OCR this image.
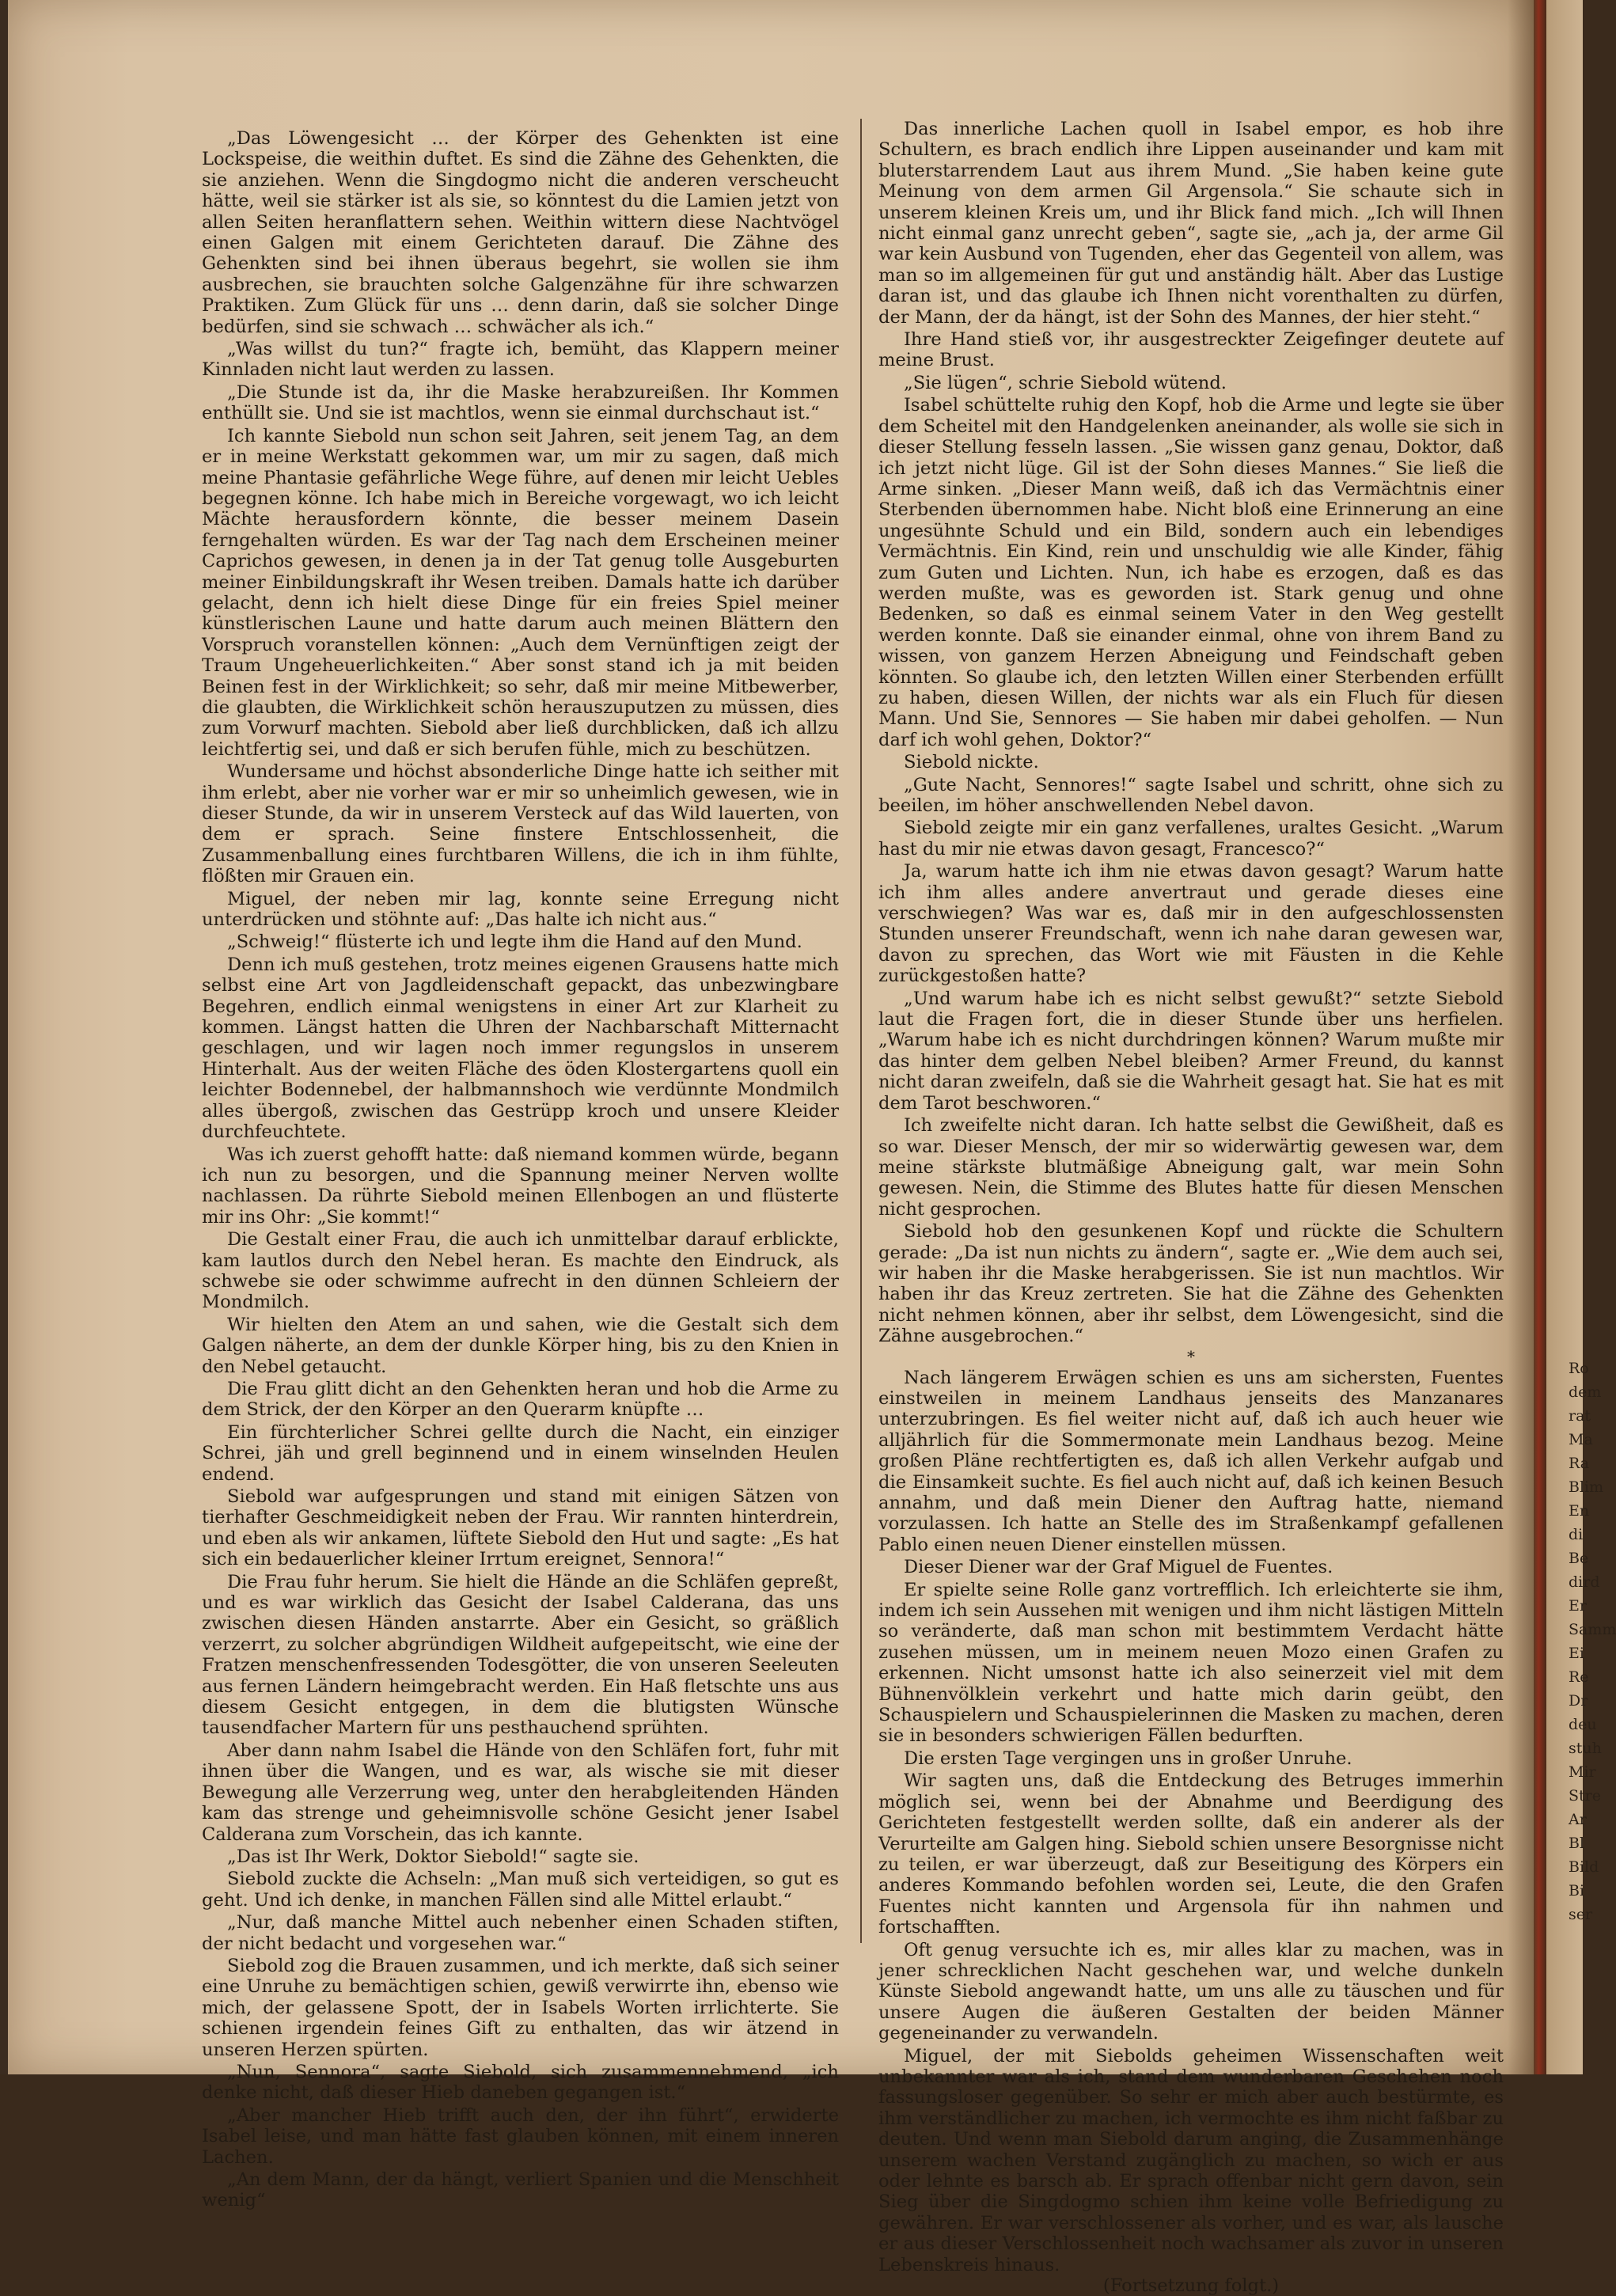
„Das Löwengesicht … der Körper des Gehenkten ist eine Lockspeise, die weithin duftet. Es sind die Zähne des Gehenkten, die sie anziehen. Wenn die Singdogmo nicht die anderen verscheucht hätte, weil sie stärker ist als sie, so könntest du die Lamien jetzt von allen Seiten heranflattern sehen. Weithin wittern diese Nachtvögel einen Galgen mit einem Gerichteten darauf. Die Zähne des Gehenkten sind bei ihnen überaus begehrt, sie wollen sie ihm ausbrechen, sie brauchten solche Galgenzähne für ihre schwarzen Praktiken. Zum Glück für uns … denn darin, daß sie solcher Dinge bedürfen, sind sie schwach … schwächer als ich.“

„Was willst du tun?“ fragte ich, bemüht, das Klappern meiner Kinnladen nicht laut werden zu lassen.

„Die Stunde ist da, ihr die Maske herabzureißen. Ihr Kommen enthüllt sie. Und sie ist machtlos, wenn sie einmal durchschaut ist.“

Ich kannte Siebold nun schon seit Jahren, seit jenem Tag, an dem er in meine Werkstatt gekommen war, um mir zu sagen, daß mich meine Phantasie gefährliche Wege führe, auf denen mir leicht Uebles begegnen könne. Ich habe mich in Bereiche vorgewagt, wo ich leicht Mächte herausfordern könnte, die besser meinem Dasein ferngehalten würden. Es war der Tag nach dem Erscheinen meiner Caprichos gewesen, in denen ja in der Tat genug tolle Ausgeburten meiner Einbildungskraft ihr Wesen treiben. Damals hatte ich darüber gelacht, denn ich hielt diese Dinge für ein freies Spiel meiner künstlerischen Laune und hatte darum auch meinen Blättern den Vorspruch voranstellen können: „Auch dem Vernünftigen zeigt der Traum Ungeheuerlichkeiten.“ Aber sonst stand ich ja mit beiden Beinen fest in der Wirklichkeit; so sehr, daß mir meine Mitbewerber, die glaubten, die Wirklichkeit schön herauszuputzen zu müssen, dies zum Vorwurf machten. Siebold aber ließ durchblicken, daß ich allzu leichtfertig sei, und daß er sich berufen fühle, mich zu beschützen.

Wundersame und höchst absonderliche Dinge hatte ich seither mit ihm erlebt, aber nie vorher war er mir so unheimlich gewesen, wie in dieser Stunde, da wir in unserem Versteck auf das Wild lauerten, von dem er sprach. Seine finstere Entschlossenheit, die Zusammenballung eines furchtbaren Willens, die ich in ihm fühlte, flößten mir Grauen ein.

Miguel, der neben mir lag, konnte seine Erregung nicht unterdrücken und stöhnte auf: „Das halte ich nicht aus.“

„Schweig!“ flüsterte ich und legte ihm die Hand auf den Mund.

Denn ich muß gestehen, trotz meines eigenen Grausens hatte mich selbst eine Art von Jagdleidenschaft gepackt, das unbezwingbare Begehren, endlich einmal wenigstens in einer Art zur Klarheit zu kommen. Längst hatten die Uhren der Nachbarschaft Mitternacht geschlagen, und wir lagen noch immer regungslos in unserem Hinterhalt. Aus der weiten Fläche des öden Klostergartens quoll ein leichter Bodennebel, der halbmannshoch wie verdünnte Mondmilch alles übergoß, zwischen das Gestrüpp kroch und unsere Kleider durchfeuchtete.

Was ich zuerst gehofft hatte: daß niemand kommen würde, begann ich nun zu besorgen, und die Spannung meiner Nerven wollte nachlassen. Da rührte Siebold meinen Ellenbogen an und flüsterte mir ins Ohr: „Sie kommt!“

Die Gestalt einer Frau, die auch ich unmittelbar darauf erblickte, kam lautlos durch den Nebel heran. Es machte den Eindruck, als schwebe sie oder schwimme aufrecht in den dünnen Schleiern der Mondmilch.

Wir hielten den Atem an und sahen, wie die Gestalt sich dem Galgen näherte, an dem der dunkle Körper hing, bis zu den Knien in den Nebel getaucht.

Die Frau glitt dicht an den Gehenkten heran und hob die Arme zu dem Strick, der den Körper an den Querarm knüpfte …

Ein fürchterlicher Schrei gellte durch die Nacht, ein einziger Schrei, jäh und grell beginnend und in einem winselnden Heulen endend.

Siebold war aufgesprungen und stand mit einigen Sätzen von tierhafter Geschmeidigkeit neben der Frau. Wir rannten hinterdrein, und eben als wir ankamen, lüftete Siebold den Hut und sagte: „Es hat sich ein bedauerlicher kleiner Irrtum ereignet, Sennora!“

Die Frau fuhr herum. Sie hielt die Hände an die Schläfen gepreßt, und es war wirklich das Gesicht der Isabel Calderana, das uns zwischen diesen Händen anstarrte. Aber ein Gesicht, so gräßlich verzerrt, zu solcher abgründigen Wildheit aufgepeitscht, wie eine der Fratzen menschenfressenden Todesgötter, die von unseren Seeleuten aus fernen Ländern heimgebracht werden. Ein Haß fletschte uns aus diesem Gesicht entgegen, in dem die blutigsten Wünsche tausendfacher Martern für uns pesthauchend sprühten.

Aber dann nahm Isabel die Hände von den Schläfen fort, fuhr mit ihnen über die Wangen, und es war, als wische sie mit dieser Bewegung alle Verzerrung weg, unter den herabgleitenden Händen kam das strenge und geheimnisvolle schöne Gesicht jener Isabel Calderana zum Vorschein, das ich kannte.

„Das ist Ihr Werk, Doktor Siebold!“ sagte sie.

Siebold zuckte die Achseln: „Man muß sich verteidigen, so gut es geht. Und ich denke, in manchen Fällen sind alle Mittel erlaubt.“

„Nur, daß manche Mittel auch nebenher einen Schaden stiften, der nicht bedacht und vorgesehen war.“

Siebold zog die Brauen zusammen, und ich merkte, daß sich seiner eine Unruhe zu bemächtigen schien, gewiß verwirrte ihn, ebenso wie mich, der gelassene Spott, der in Isabels Worten irrlichterte. Sie schienen irgendein feines Gift zu enthalten, das wir ätzend in unseren Herzen spürten.

„Nun, Sennora“, sagte Siebold, sich zusammennehmend, „ich denke nicht, daß dieser Hieb daneben gegangen ist.“

„Aber mancher Hieb trifft auch den, der ihn führt“, erwiderte Isabel leise, und man hätte fast glauben können, mit einem inneren Lachen.

„An dem Mann, der da hängt, verliert Spanien und die Menschheit wenig“

Das innerliche Lachen quoll in Isabel empor, es hob ihre Schultern, es brach endlich ihre Lippen auseinander und kam mit bluterstarrendem Laut aus ihrem Mund. „Sie haben keine gute Meinung von dem armen Gil Argensola.“ Sie schaute sich in unserem kleinen Kreis um, und ihr Blick fand mich. „Ich will Ihnen nicht einmal ganz unrecht geben“, sagte sie, „ach ja, der arme Gil war kein Ausbund von Tugenden, eher das Gegenteil von allem, was man so im allgemeinen für gut und anständig hält. Aber das Lustige daran ist, und das glaube ich Ihnen nicht vorenthalten zu dürfen, der Mann, der da hängt, ist der Sohn des Mannes, der hier steht.“

Ihre Hand stieß vor, ihr ausgestreckter Zeigefinger deutete auf meine Brust.

„Sie lügen“, schrie Siebold wütend.

Isabel schüttelte ruhig den Kopf, hob die Arme und legte sie über dem Scheitel mit den Handgelenken aneinander, als wolle sie sich in dieser Stellung fesseln lassen. „Sie wissen ganz genau, Doktor, daß ich jetzt nicht lüge. Gil ist der Sohn dieses Mannes.“ Sie ließ die Arme sinken. „Dieser Mann weiß, daß ich das Vermächtnis einer Sterbenden übernommen habe. Nicht bloß eine Erinnerung an eine ungesühnte Schuld und ein Bild, sondern auch ein lebendiges Vermächtnis. Ein Kind, rein und unschuldig wie alle Kinder, fähig zum Guten und Lichten. Nun, ich habe es erzogen, daß es das werden mußte, was es geworden ist. Stark genug und ohne Bedenken, so daß es einmal seinem Vater in den Weg gestellt werden konnte. Daß sie einander einmal, ohne von ihrem Band zu wissen, von ganzem Herzen Abneigung und Feindschaft geben könnten. So glaube ich, den letzten Willen einer Sterbenden erfüllt zu haben, diesen Willen, der nichts war als ein Fluch für diesen Mann. Und Sie, Sennores — Sie haben mir dabei geholfen. — Nun darf ich wohl gehen, Doktor?“

Siebold nickte.

„Gute Nacht, Sennores!“ sagte Isabel und schritt, ohne sich zu beeilen, im höher anschwellenden Nebel davon.

Siebold zeigte mir ein ganz verfallenes, uraltes Gesicht. „Warum hast du mir nie etwas davon gesagt, Francesco?“

Ja, warum hatte ich ihm nie etwas davon gesagt? Warum hatte ich ihm alles andere anvertraut und gerade dieses eine verschwiegen? Was war es, daß mir in den aufgeschlossensten Stunden unserer Freundschaft, wenn ich nahe daran gewesen war, davon zu sprechen, das Wort wie mit Fäusten in die Kehle zurückgestoßen hatte?

„Und warum habe ich es nicht selbst gewußt?“ setzte Siebold laut die Fragen fort, die in dieser Stunde über uns herfielen. „Warum habe ich es nicht durchdringen können? Warum mußte mir das hinter dem gelben Nebel bleiben? Armer Freund, du kannst nicht daran zweifeln, daß sie die Wahrheit gesagt hat. Sie hat es mit dem Tarot beschworen.“

Ich zweifelte nicht daran. Ich hatte selbst die Gewißheit, daß es so war. Dieser Mensch, der mir so widerwärtig gewesen war, dem meine stärkste blutmäßige Abneigung galt, war mein Sohn gewesen. Nein, die Stimme des Blutes hatte für diesen Menschen nicht gesprochen.

Siebold hob den gesunkenen Kopf und rückte die Schultern gerade: „Da ist nun nichts zu ändern“, sagte er. „Wie dem auch sei, wir haben ihr die Maske herabgerissen. Sie ist nun machtlos. Wir haben ihr das Kreuz zertreten. Sie hat die Zähne des Gehenkten nicht nehmen können, aber ihr selbst, dem Löwengesicht, sind die Zähne ausgebrochen.“

*

Nach längerem Erwägen schien es uns am sichersten, Fuentes einstweilen in meinem Landhaus jenseits des Manzanares unterzubringen. Es fiel weiter nicht auf, daß ich auch heuer wie alljährlich für die Sommermonate mein Landhaus bezog. Meine großen Pläne rechtfertigten es, daß ich allen Verkehr aufgab und die Einsamkeit suchte. Es fiel auch nicht auf, daß ich keinen Besuch annahm, und daß mein Diener den Auftrag hatte, niemand vorzulassen. Ich hatte an Stelle des im Straßenkampf gefallenen Pablo einen neuen Diener einstellen müssen.

Dieser Diener war der Graf Miguel de Fuentes.

Er spielte seine Rolle ganz vortrefflich. Ich erleichterte sie ihm, indem ich sein Aussehen mit wenigen und ihm nicht lästigen Mitteln so veränderte, daß man schon mit bestimmtem Verdacht hätte zusehen müssen, um in meinem neuen Mozo einen Grafen zu erkennen. Nicht umsonst hatte ich also seinerzeit viel mit dem Bühnenvölklein verkehrt und hatte mich darin geübt, den Schauspielern und Schauspielerinnen die Masken zu machen, deren sie in besonders schwierigen Fällen bedurften.

Die ersten Tage vergingen uns in großer Unruhe.

Wir sagten uns, daß die Entdeckung des Betruges immerhin möglich sei, wenn bei der Abnahme und Beerdigung des Gerichteten festgestellt werden sollte, daß ein anderer als der Verurteilte am Galgen hing. Siebold schien unsere Besorgnisse nicht zu teilen, er war überzeugt, daß zur Beseitigung des Körpers ein anderes Kommando befohlen worden sei, Leute, die den Grafen Fuentes nicht kannten und Argensola für ihn nahmen und fortschafften.

Oft genug versuchte ich es, mir alles klar zu machen, was in jener schrecklichen Nacht geschehen war, und welche dunkeln Künste Siebold angewandt hatte, um uns alle zu täuschen und für unsere Augen die äußeren Gestalten der beiden Männer gegeneinander zu verwandeln.

Miguel, der mit Siebolds geheimen Wissenschaften weit unbekannter war als ich, stand dem wunderbaren Geschehen noch fassungsloser gegenüber. So sehr er mich aber auch bestürmte, es ihm verständlicher zu machen, ich vermochte es ihm nicht faßbar zu deuten. Und wenn man Siebold darum anging, die Zusammenhänge unserem wachen Verstand zugänglich zu machen, so wich er aus oder lehnte es barsch ab. Er sprach offenbar nicht gern davon, sein Sieg über die Singdogmo schien ihm keine volle Befriedigung zu gewähren. Er war verschlossener als vorher, und es war, als lausche er aus dieser Verschlossenheit noch wachsamer als zuvor in unseren Lebenskreis hinaus.

(Fortsetzung folgt.)

Ro
dem
rat
Ma
Ra
Blim
En
di
Be
dird
Er
Samm
Ei
Re
Dr
deu
stuh
Mir
Stre
Ar
Bl
Bild
Bi
ser
